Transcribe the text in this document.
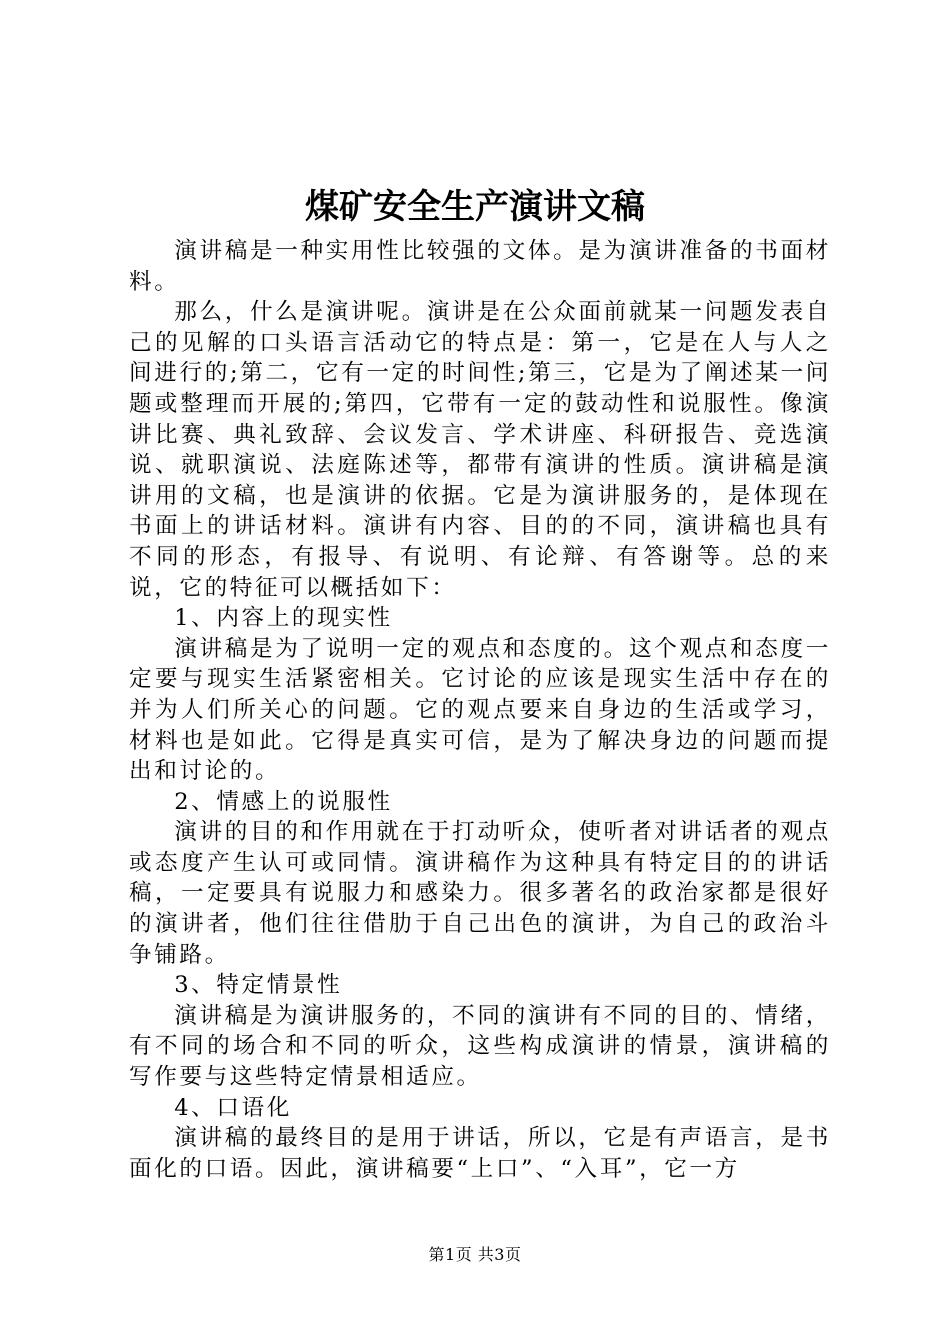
煤矿安全生产演讲文稿

演讲稿是一种实用性比较强的文体。是为演讲准备的书面材料。

那么，什么是演讲呢。演讲是在公众面前就某一问题发表自己的见解的口头语言活动它的特点是：第一，它是在人与人之间进行的;第二，它有一定的时间性;第三，它是为了阐述某一问题或整理而开展的;第四，它带有一定的鼓动性和说服性。像演讲比赛、典礼致辞、会议发言、学术讲座、科研报告、竞选演说、就职演说、法庭陈述等，都带有演讲的性质。演讲稿是演讲用的文稿，也是演讲的依据。它是为演讲服务的，是体现在书面上的讲话材料。演讲有内容、目的的不同，演讲稿也具有不同的形态，有报导、有说明、有论辩、有答谢等。总的来说，它的特征可以概括如下：

1、内容上的现实性

演讲稿是为了说明一定的观点和态度的。这个观点和态度一定要与现实生活紧密相关。它讨论的应该是现实生活中存在的并为人们所关心的问题。它的观点要来自身边的生活或学习，材料也是如此。它得是真实可信，是为了解决身边的问题而提出和讨论的。

2、情感上的说服性

演讲的目的和作用就在于打动听众，使听者对讲话者的观点或态度产生认可或同情。演讲稿作为这种具有特定目的的讲话稿，一定要具有说服力和感染力。很多著名的政治家都是很好的演讲者，他们往往借肋于自己出色的演讲，为自己的政治斗争铺路。

3、特定情景性

演讲稿是为演讲服务的，不同的演讲有不同的目的、情绪，有不同的场合和不同的听众，这些构成演讲的情景，演讲稿的写作要与这些特定情景相适应。

4、口语化

演讲稿的最终目的是用于讲话，所以，它是有声语言，是书面化的口语。因此，演讲稿要“上口”、“入耳”，它一方

第1页 共3页
